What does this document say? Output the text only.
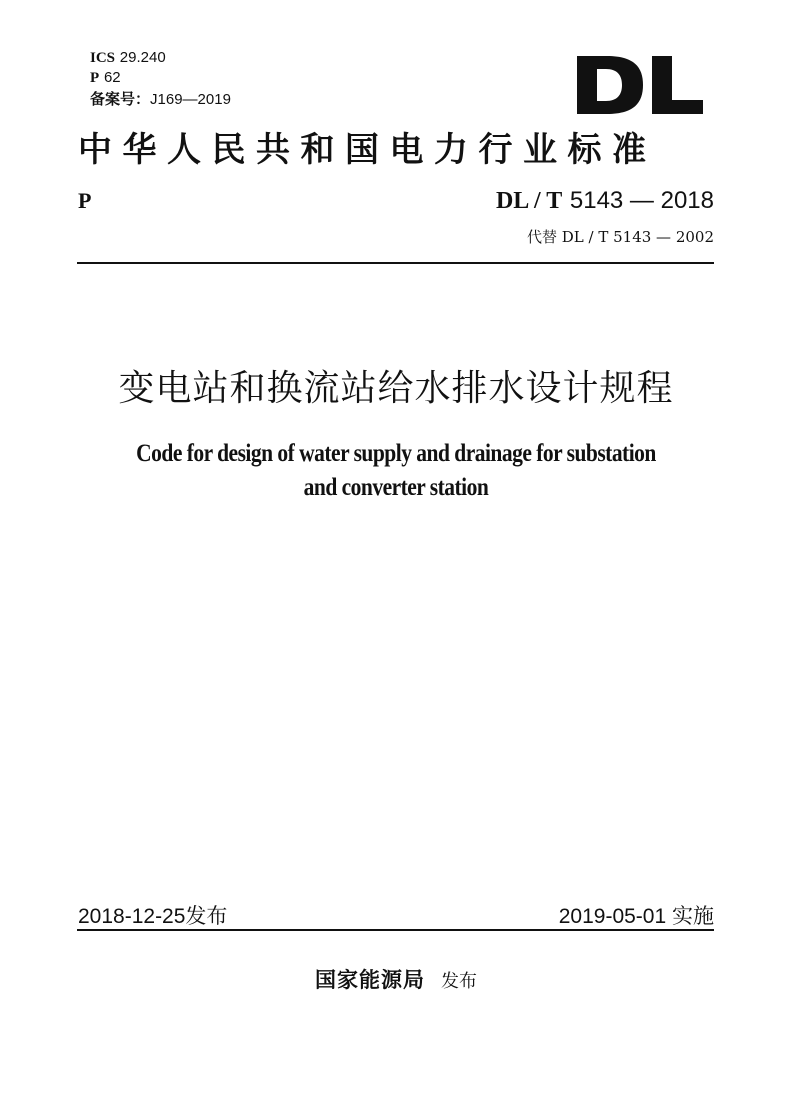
ICS 29.240
P 62
备案号：J169—2019
中华人民共和国电力行业标准
P	DL / T 5143 — 2018
代替 DL / T 5143 — 2002
变电站和换流站给水排水设计规程
Code for design of water supply and drainage for substation
and converter station
2018-12-25发布	2019-05-01 实施
国家能源局 发布
